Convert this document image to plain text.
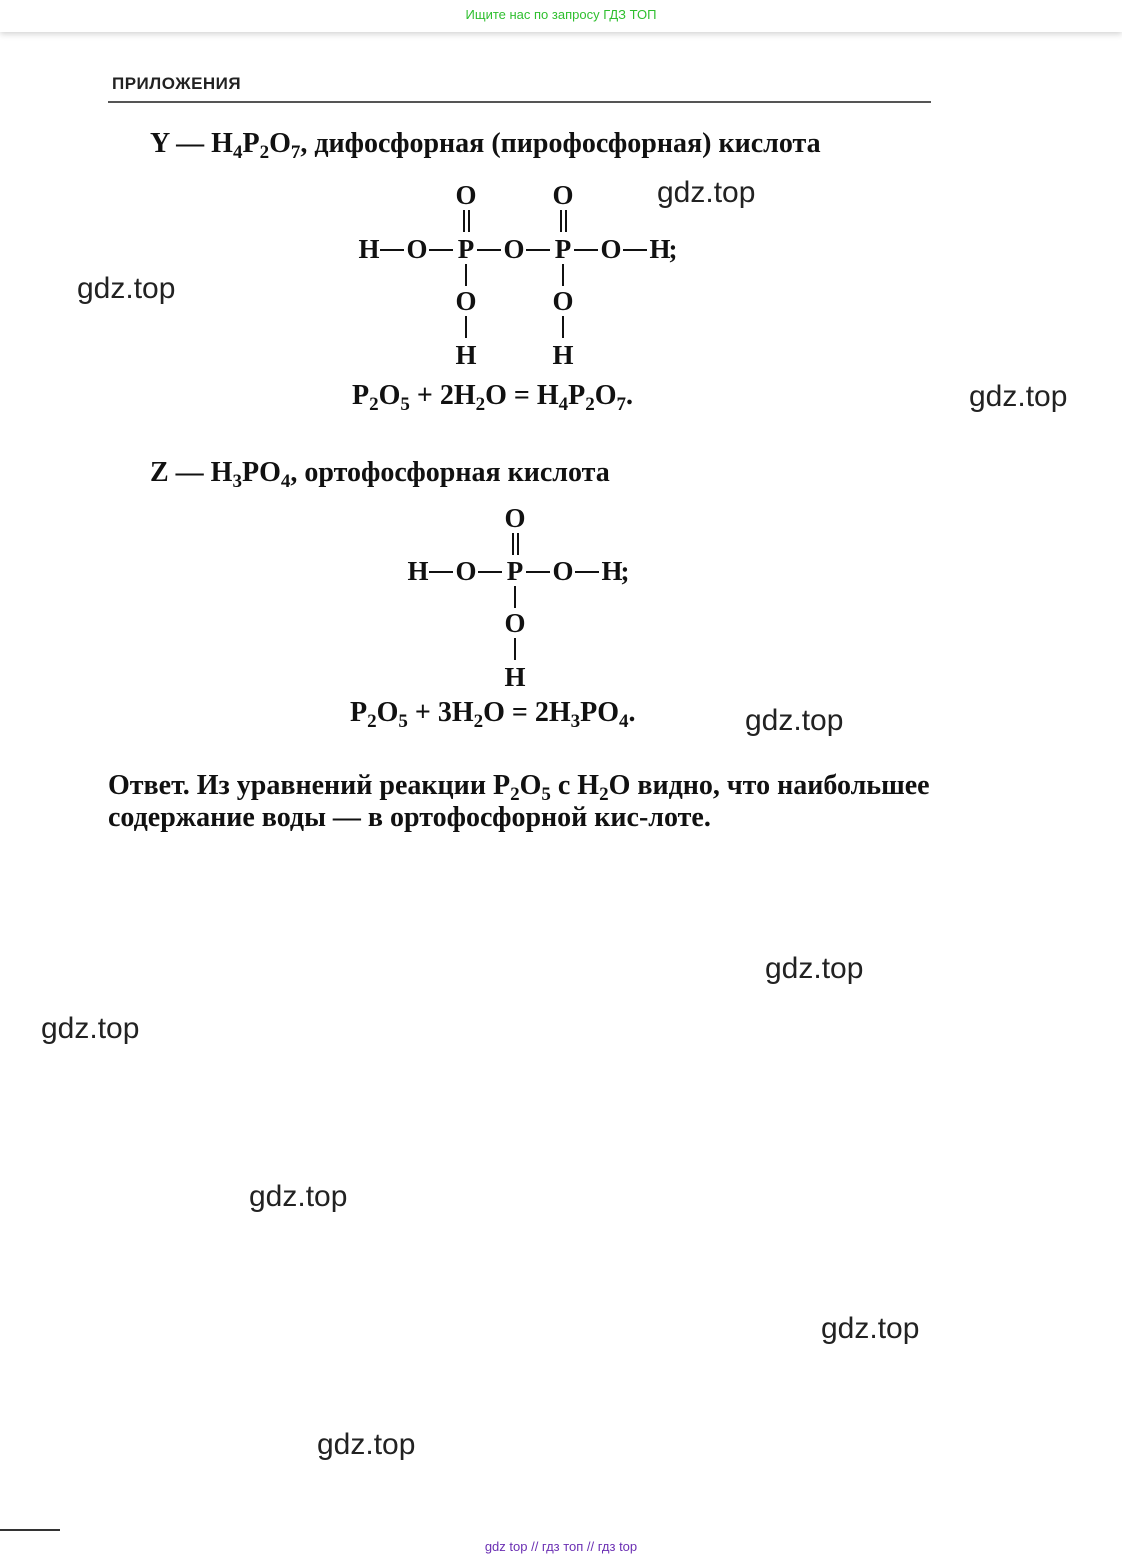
Ищите нас по запросу ГДЗ ТОП
ПРИЛОЖЕНИЯ
Y — $H_4P_2O_7$, дифосфорная (пирофосфорная) кислота
O	O
H O P O P O H
;
O	O
H	H
$P_2O_5 + 2H_2O = H_4P_2O_7$.
Z — $H_3PO_4$, ортофосфорная кислота
O
H O P O H
;
O
H
$P_2O_5 + 3H_2O = 2H_3PO_4$.
Ответ. Из уравнений реакции $P_2O_5$ с $H_2O$ видно, что наибольшее содержание воды — в ортофосфорной кис-лоте.
gdz.top
gdz.top
gdz.top
gdz.top
gdz.top
gdz.top
gdz.top
gdz.top
gdz.top
gdz top // гдз топ // гдз top
